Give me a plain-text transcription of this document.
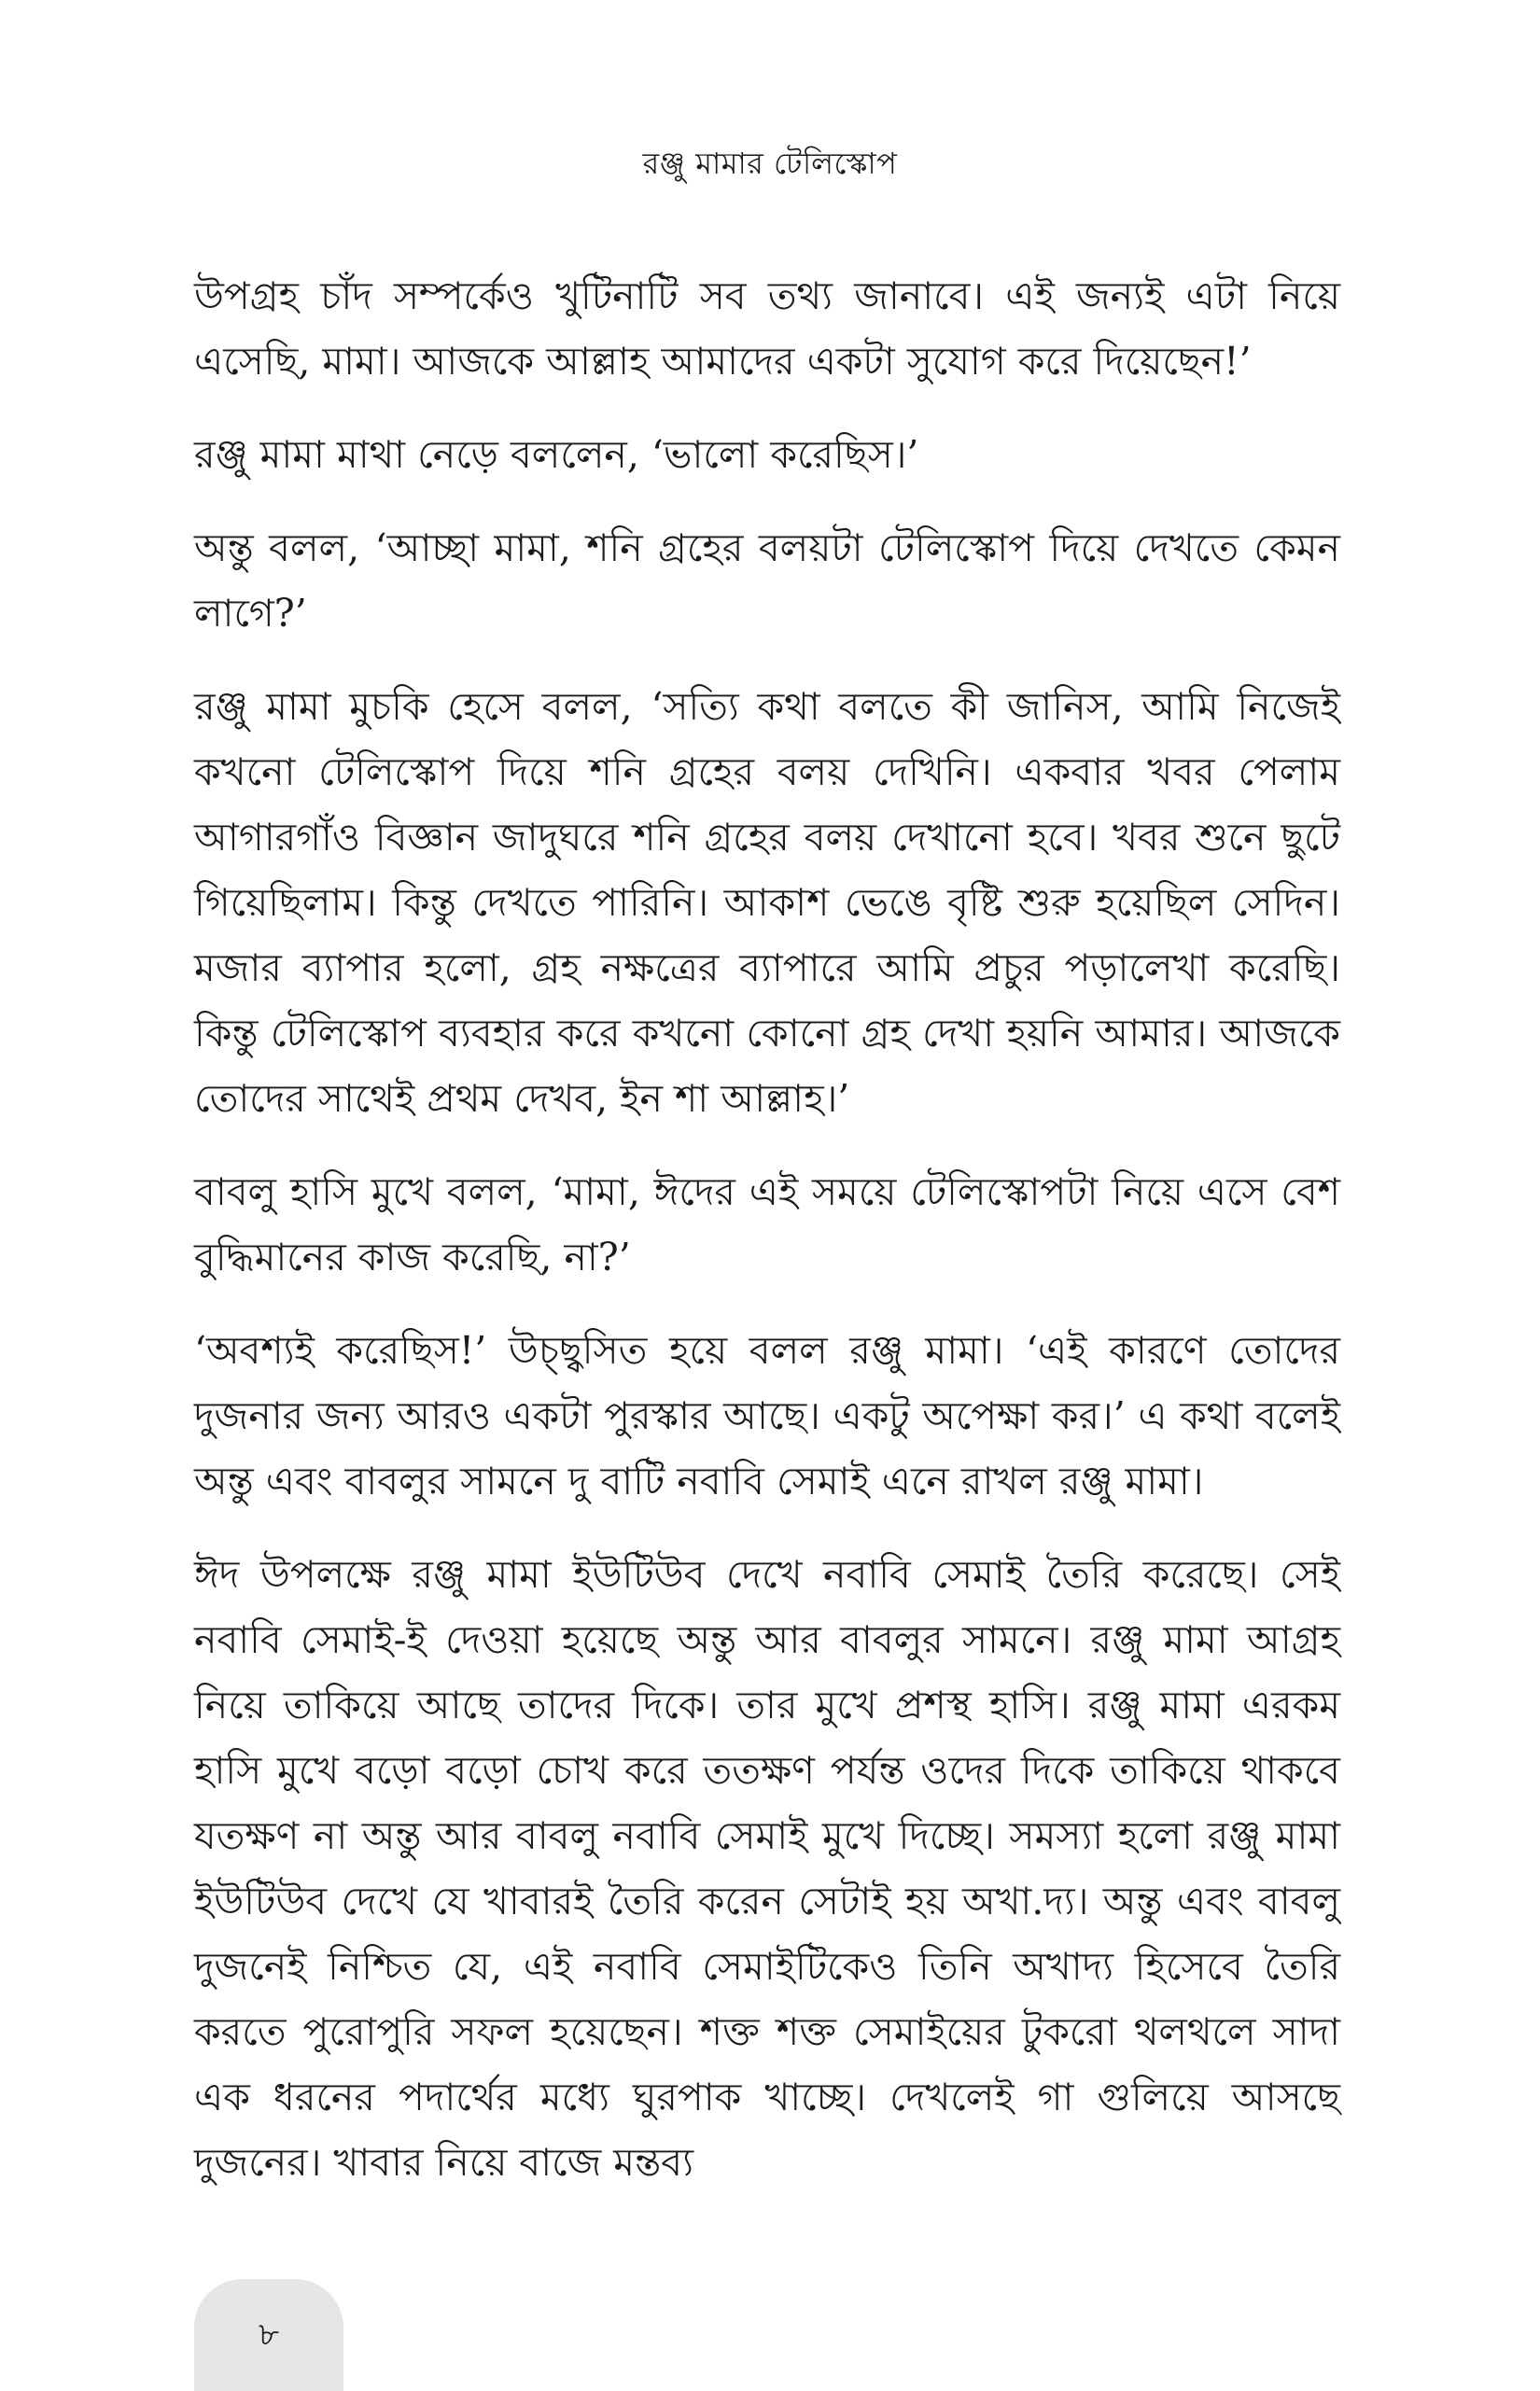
রঞ্জু মামার টেলিস্কোপ

উপগ্রহ চাঁদ সম্পর্কেও খুটিনাটি সব তথ্য জানাবে। এই জন্যই এটা নিয়ে এসেছি, মামা। আজকে আল্লাহ আমাদের একটা সুযোগ করে দিয়েছেন!’

রঞ্জু মামা মাথা নেড়ে বললেন, ‘ভালো করেছিস।’

অন্তু বলল, ‘আচ্ছা মামা, শনি গ্রহের বলয়টা টেলিস্কোপ দিয়ে দেখতে কেমন লাগে?’

রঞ্জু মামা মুচকি হেসে বলল, ‘সত্যি কথা বলতে কী জানিস, আমি নিজেই কখনো টেলিস্কোপ দিয়ে শনি গ্রহের বলয় দেখিনি। একবার খবর পেলাম আগারগাঁও বিজ্ঞান জাদুঘরে শনি গ্রহের বলয় দেখানো হবে। খবর শুনে ছুটে গিয়েছিলাম। কিন্তু দেখতে পারিনি। আকাশ ভেঙে বৃষ্টি শুরু হয়েছিল সেদিন। মজার ব্যাপার হলো, গ্রহ নক্ষত্রের ব্যাপারে আমি প্রচুর পড়ালেখা করেছি। কিন্তু টেলিস্কোপ ব্যবহার করে কখনো কোনো গ্রহ দেখা হয়নি আমার। আজকে তোদের সাথেই প্রথম দেখব, ইন শা আল্লাহ।’

বাবলু হাসি মুখে বলল, ‘মামা, ঈদের এই সময়ে টেলিস্কোপটা নিয়ে এসে বেশ বুদ্ধিমানের কাজ করেছি, না?’

‘অবশ্যই করেছিস!’ উচ্ছ্বসিত হয়ে বলল রঞ্জু মামা। ‘এই কারণে তোদের দুজনার জন্য আরও একটা পুরস্কার আছে। একটু অপেক্ষা কর।’ এ কথা বলেই অন্তু এবং বাবলুর সামনে দু বাটি নবাবি সেমাই এনে রাখল রঞ্জু মামা।

ঈদ উপলক্ষে রঞ্জু মামা ইউটিউব দেখে নবাবি সেমাই তৈরি করেছে। সেই নবাবি সেমাই-ই দেওয়া হয়েছে অন্তু আর বাবলুর সামনে। রঞ্জু মামা আগ্রহ নিয়ে তাকিয়ে আছে তাদের দিকে। তার মুখে প্রশস্থ হাসি। রঞ্জু মামা এরকম হাসি মুখে বড়ো বড়ো চোখ করে ততক্ষণ পর্যন্ত ওদের দিকে তাকিয়ে থাকবে যতক্ষণ না অন্তু আর বাবলু নবাবি সেমাই মুখে দিচ্ছে। সমস্যা হলো রঞ্জু মামা ইউটিউব দেখে যে খাবারই তৈরি করেন সেটাই হয় অখা.দ্য। অন্তু এবং বাবলু দুজনেই নিশ্চিত যে, এই নবাবি সেমাইটিকেও তিনি অখাদ্য হিসেবে তৈরি করতে পুরোপুরি সফল হয়েছেন। শক্ত শক্ত সেমাইয়ের টুকরো থলথলে সাদা এক ধরনের পদার্থের মধ্যে ঘুরপাক খাচ্ছে। দেখলেই গা গুলিয়ে আসছে দুজনের। খাবার নিয়ে বাজে মন্তব্য

৮
